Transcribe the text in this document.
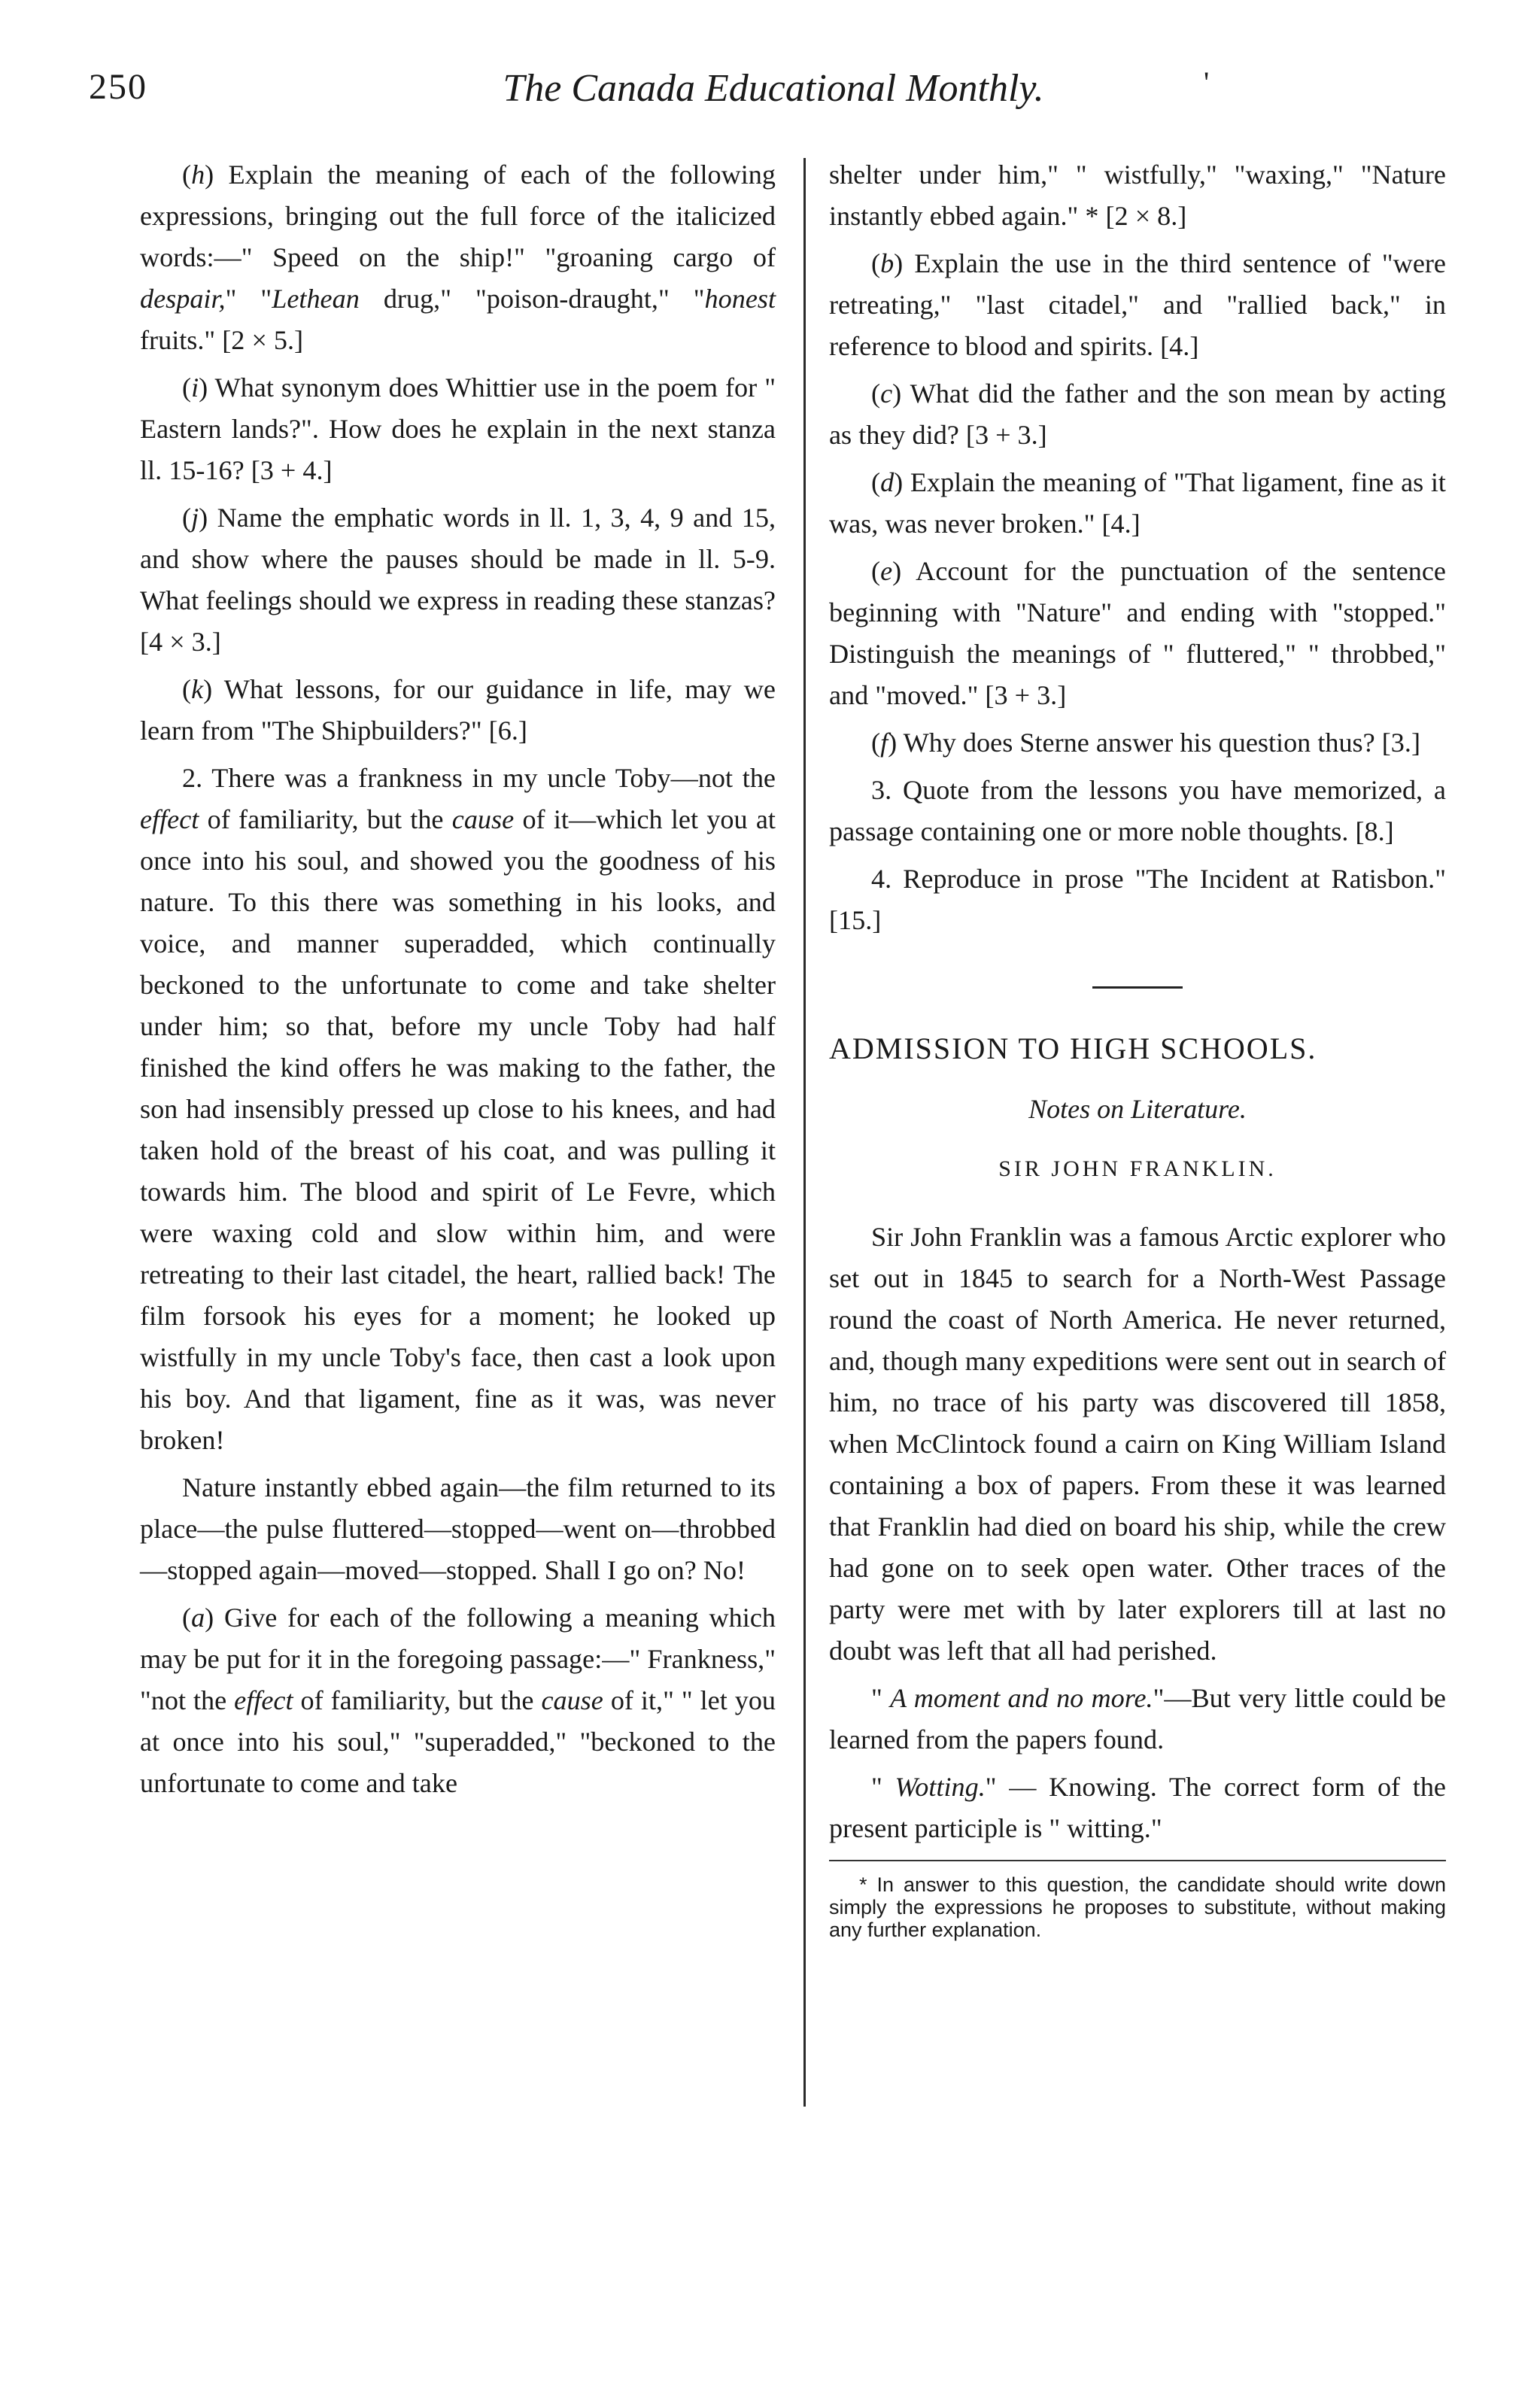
250	The Canada Educational Monthly.	'

(h) Explain the meaning of each of the following expressions, bringing out the full force of the italicized words:—" Speed on the ship!" "groaning cargo of despair," "Lethean drug," "poison-draught," "honest fruits." [2 × 5.]

(i) What synonym does Whittier use in the poem for " Eastern lands?". How does he explain in the next stanza ll. 15-16? [3 + 4.]

(j) Name the emphatic words in ll. 1, 3, 4, 9 and 15, and show where the pauses should be made in ll. 5-9. What feelings should we express in reading these stanzas? [4 × 3.]

(k) What lessons, for our guidance in life, may we learn from "The Shipbuilders?" [6.]

2. There was a frankness in my uncle Toby—not the effect of familiarity, but the cause of it—which let you at once into his soul, and showed you the goodness of his nature. To this there was something in his looks, and voice, and manner superadded, which continually beckoned to the unfortunate to come and take shelter under him; so that, before my uncle Toby had half finished the kind offers he was making to the father, the son had insensibly pressed up close to his knees, and had taken hold of the breast of his coat, and was pulling it towards him. The blood and spirit of Le Fevre, which were waxing cold and slow within him, and were retreating to their last citadel, the heart, rallied back! The film forsook his eyes for a moment; he looked up wistfully in my uncle Toby's face, then cast a look upon his boy. And that ligament, fine as it was, was never broken!

Nature instantly ebbed again—the film returned to its place—the pulse fluttered—stopped—went on—throbbed—stopped again—moved—stopped. Shall I go on? No!

(a) Give for each of the following a meaning which may be put for it in the foregoing passage:—" Frankness," "not the effect of familiarity, but the cause of it," " let you at once into his soul," "superadded," "beckoned to the unfortunate to come and take

shelter under him," " wistfully," "waxing," "Nature instantly ebbed again." * [2 × 8.]

(b) Explain the use in the third sentence of "were retreating," "last citadel," and "rallied back," in reference to blood and spirits. [4.]

(c) What did the father and the son mean by acting as they did? [3 + 3.]

(d) Explain the meaning of "That ligament, fine as it was, was never broken." [4.]

(e) Account for the punctuation of the sentence beginning with "Nature" and ending with "stopped." Distinguish the meanings of " fluttered," " throbbed," and "moved." [3 + 3.]

(f) Why does Sterne answer his question thus? [3.]

3. Quote from the lessons you have memorized, a passage containing one or more noble thoughts. [8.]

4. Reproduce in prose "The Incident at Ratisbon." [15.]

ADMISSION TO HIGH SCHOOLS.

Notes on Literature.

SIR JOHN FRANKLIN.

Sir John Franklin was a famous Arctic explorer who set out in 1845 to search for a North-West Passage round the coast of North America. He never returned, and, though many expeditions were sent out in search of him, no trace of his party was discovered till 1858, when McClintock found a cairn on King William Island containing a box of papers. From these it was learned that Franklin had died on board his ship, while the crew had gone on to seek open water. Other traces of the party were met with by later explorers till at last no doubt was left that all had perished.

" A moment and no more."—But very little could be learned from the papers found.

" Wotting." — Knowing. The correct form of the present participle is " witting."

* In answer to this question, the candidate should write down simply the expressions he proposes to substitute, without making any further explanation.
